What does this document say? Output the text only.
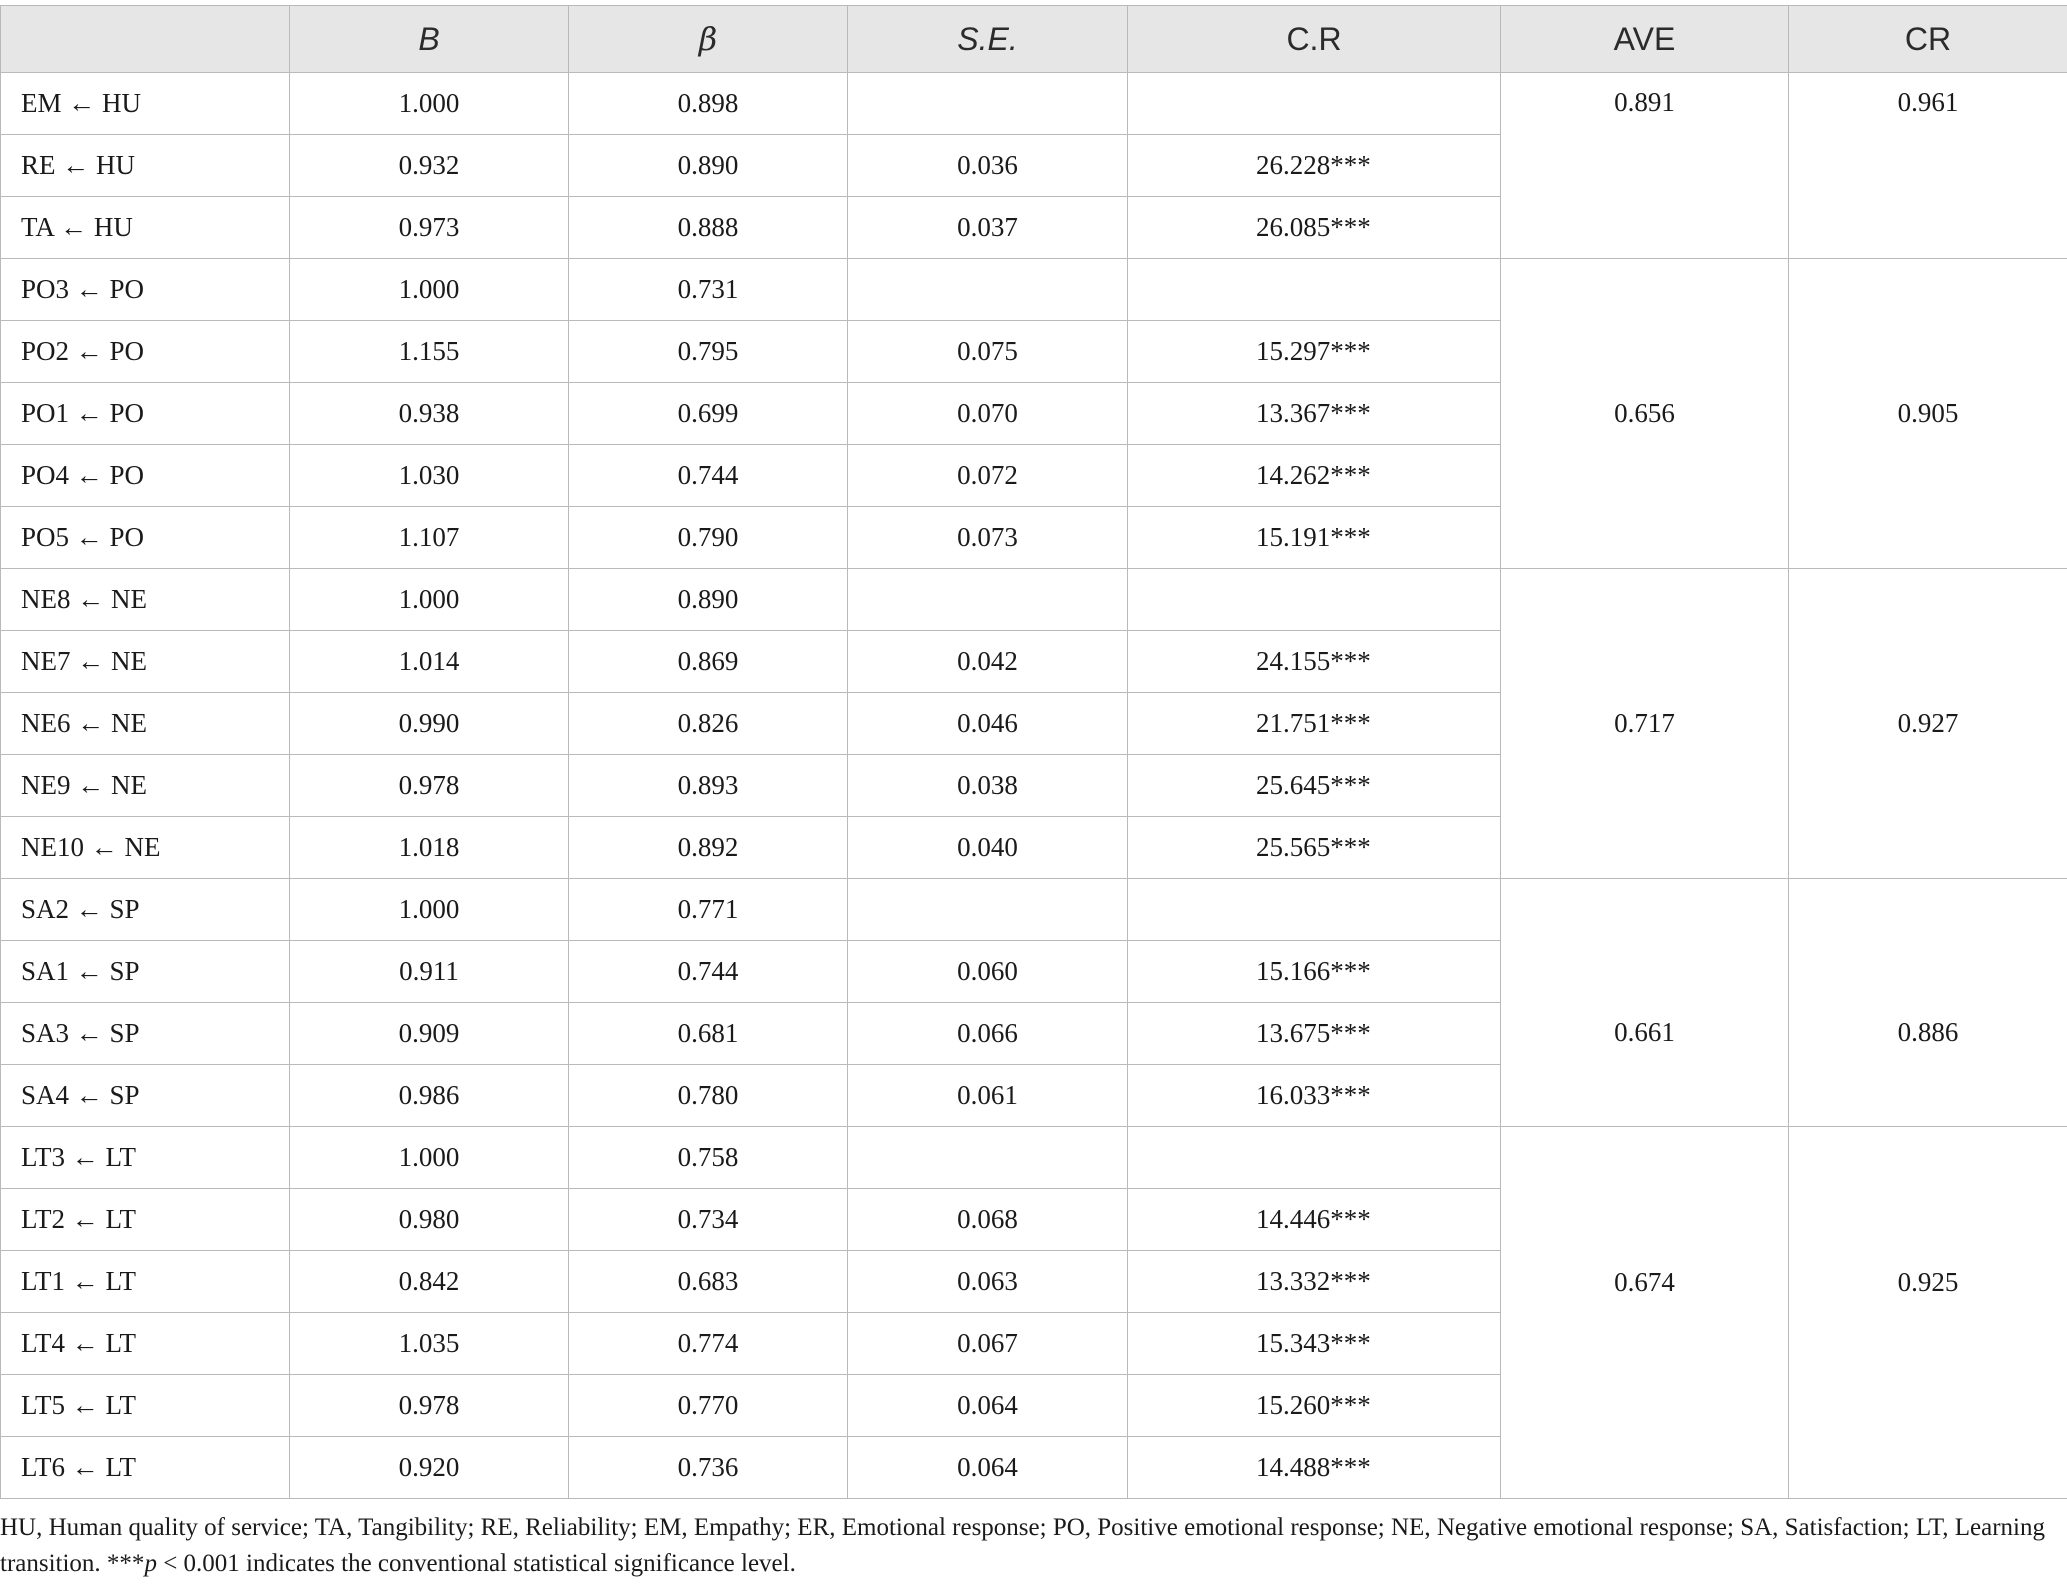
	B	β	S.E.	C.R	AVE	CR
EM ← HU	1.000	0.898			0.891	0.961
RE ← HU	0.932	0.890	0.036	26.228***		
TA ← HU	0.973	0.888	0.037	26.085***		
PO3 ← PO	1.000	0.731			0.656	0.905
PO2 ← PO	1.155	0.795	0.075	15.297***		
PO1 ← PO	0.938	0.699	0.070	13.367***		
PO4 ← PO	1.030	0.744	0.072	14.262***		
PO5 ← PO	1.107	0.790	0.073	15.191***		
NE8 ← NE	1.000	0.890			0.717	0.927
NE7 ← NE	1.014	0.869	0.042	24.155***		
NE6 ← NE	0.990	0.826	0.046	21.751***		
NE9 ← NE	0.978	0.893	0.038	25.645***		
NE10 ← NE	1.018	0.892	0.040	25.565***		
SA2 ← SP	1.000	0.771			0.661	0.886
SA1 ← SP	0.911	0.744	0.060	15.166***		
SA3 ← SP	0.909	0.681	0.066	13.675***		
SA4 ← SP	0.986	0.780	0.061	16.033***		
LT3 ← LT	1.000	0.758			0.674	0.925
LT2 ← LT	0.980	0.734	0.068	14.446***		
LT1 ← LT	0.842	0.683	0.063	13.332***		
LT4 ← LT	1.035	0.774	0.067	15.343***		
LT5 ← LT	0.978	0.770	0.064	15.260***		
LT6 ← LT	0.920	0.736	0.064	14.488***		
HU, Human quality of service; TA, Tangibility; RE, Reliability; EM, Empathy; ER, Emotional response; PO, Positive emotional response; NE, Negative emotional response; SA, Satisfaction; LT, Learning transition. ***p < 0.001 indicates the conventional statistical significance level.
